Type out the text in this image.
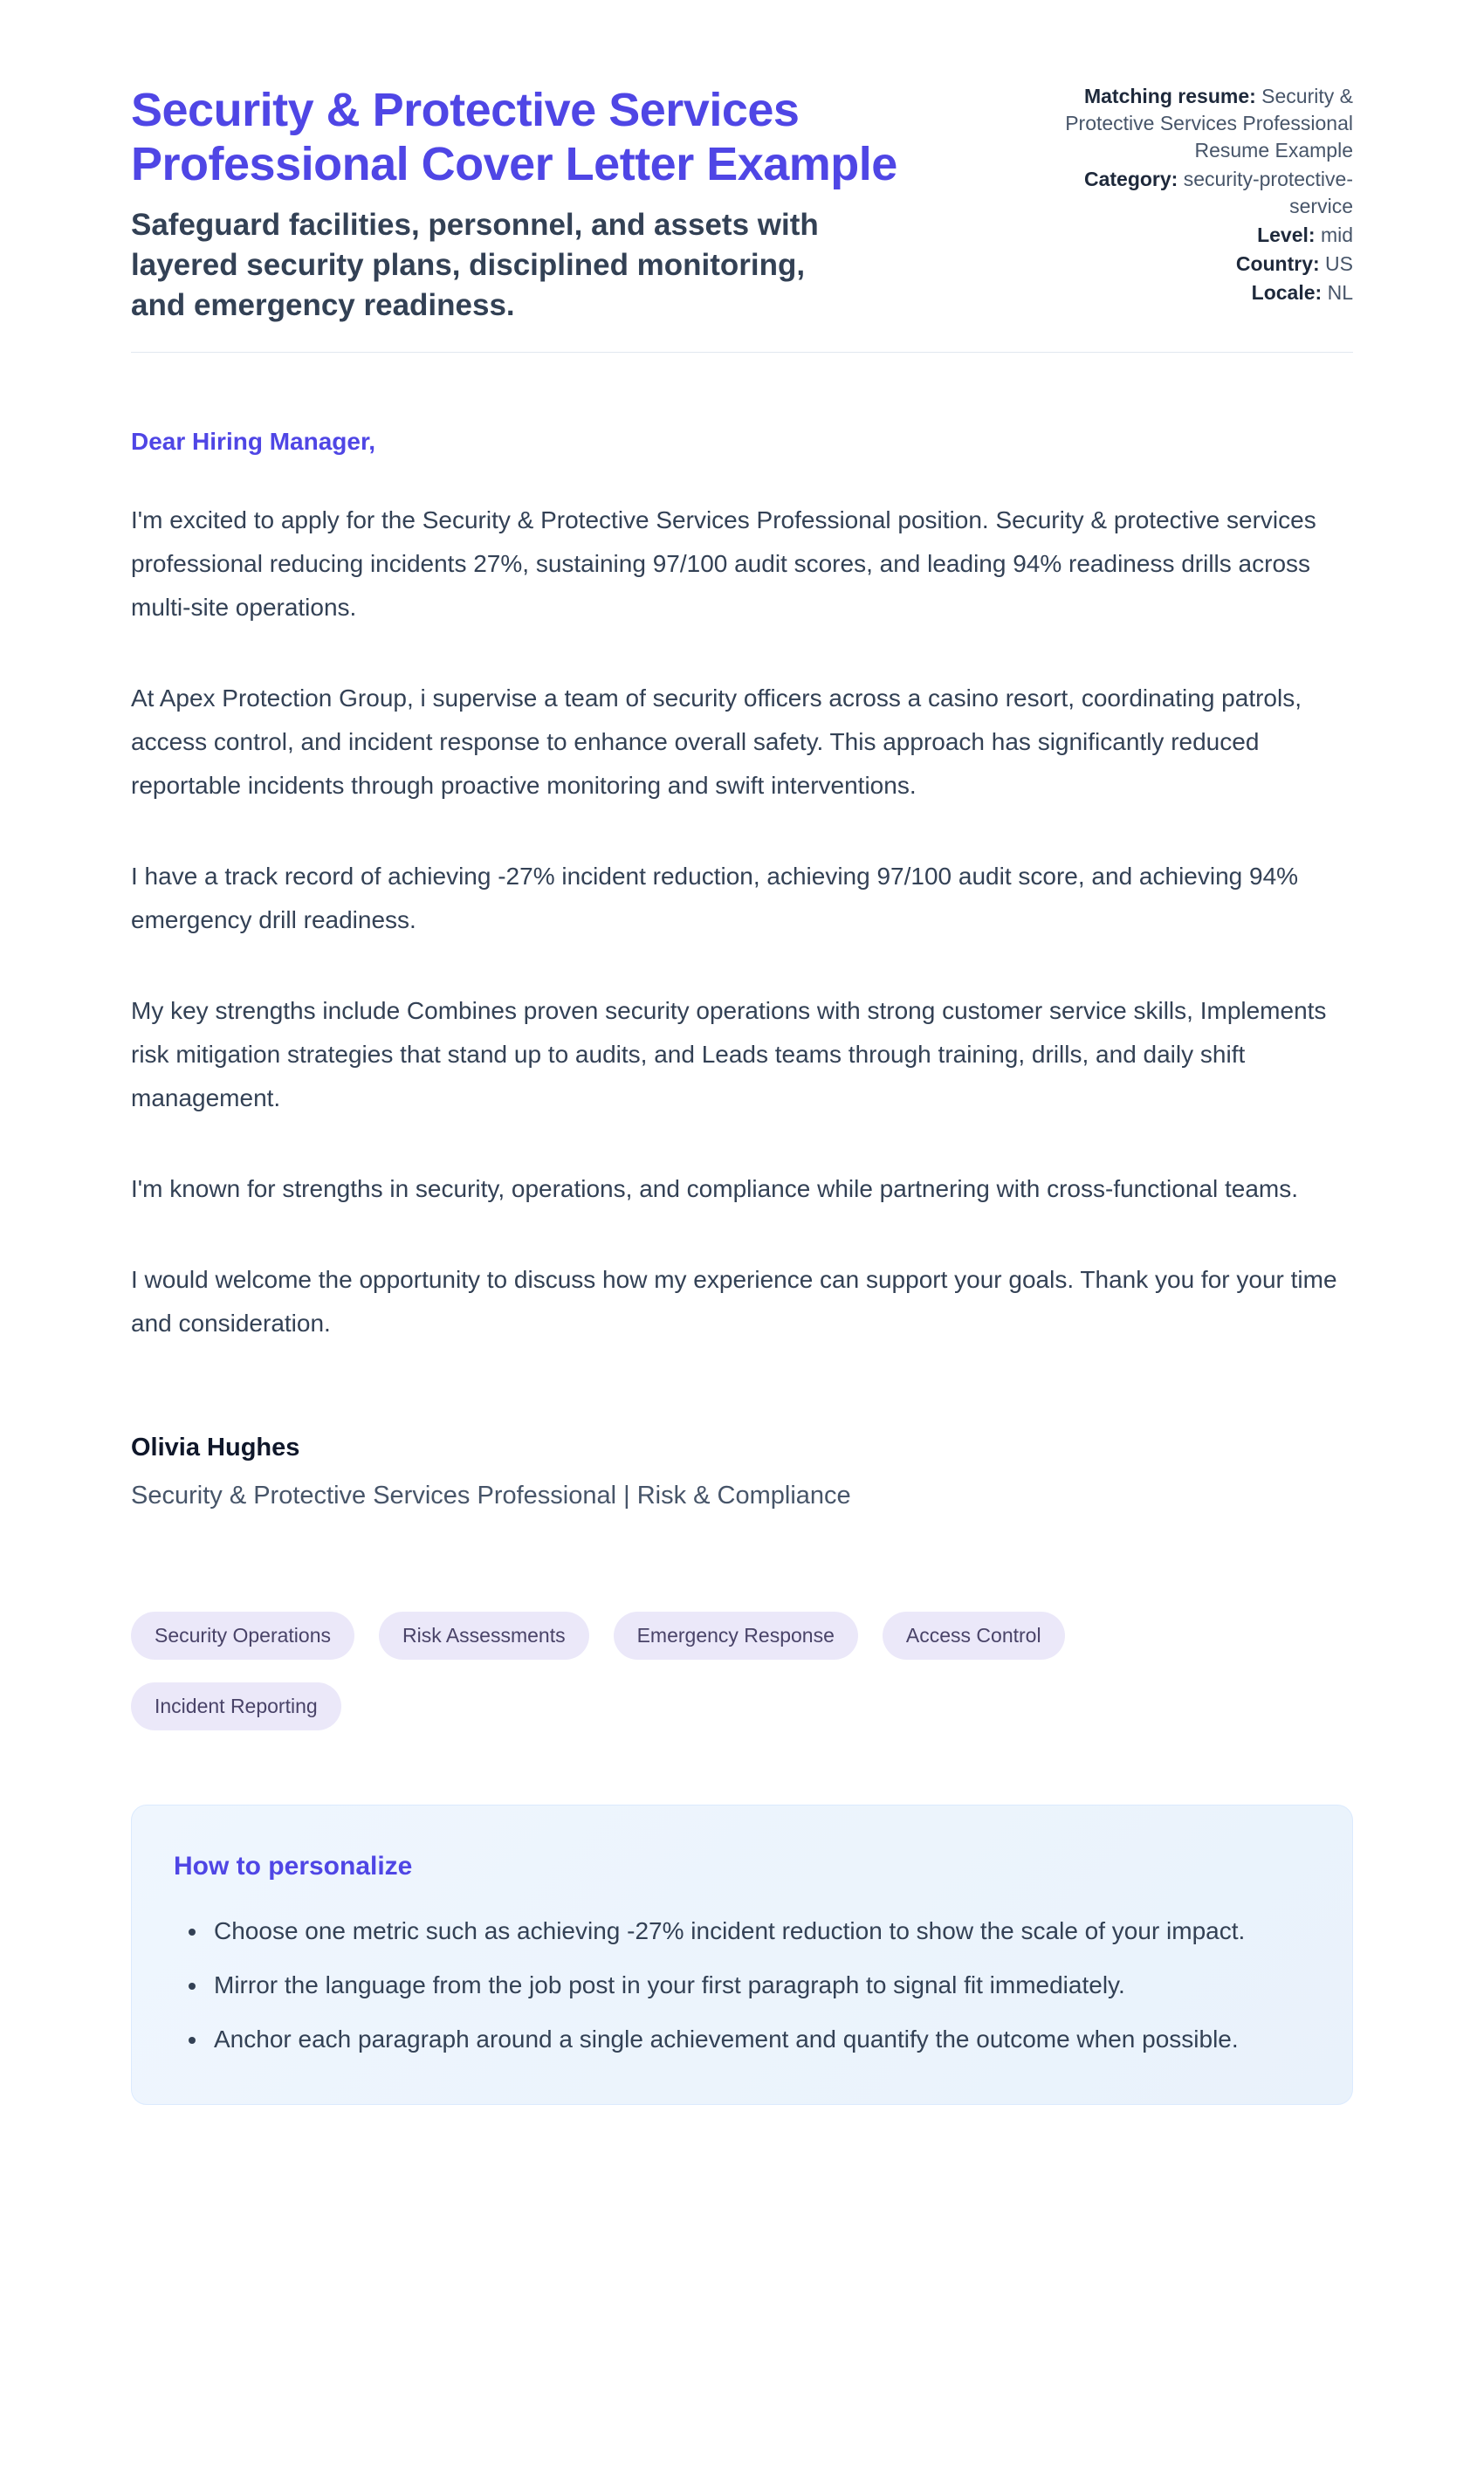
Security & Protective Services Professional Cover Letter Example
Safeguard facilities, personnel, and assets with layered security plans, disciplined monitoring, and emergency readiness.
Matching resume: Security & Protective Services Professional Resume Example
Category: security-protective-service
Level: mid
Country: US
Locale: NL
Dear Hiring Manager,

I'm excited to apply for the Security & Protective Services Professional position. Security & protective services professional reducing incidents 27%, sustaining 97/100 audit scores, and leading 94% readiness drills across multi-site operations.

At Apex Protection Group, i supervise a team of security officers across a casino resort, coordinating patrols, access control, and incident response to enhance overall safety. This approach has significantly reduced reportable incidents through proactive monitoring and swift interventions.

I have a track record of achieving -27% incident reduction, achieving 97/100 audit score, and achieving 94% emergency drill readiness.

My key strengths include Combines proven security operations with strong customer service skills, Implements risk mitigation strategies that stand up to audits, and Leads teams through training, drills, and daily shift management.

I'm known for strengths in security, operations, and compliance while partnering with cross-functional teams.

I would welcome the opportunity to discuss how my experience can support your goals. Thank you for your time and consideration.

Olivia Hughes
Security & Protective Services Professional | Risk & Compliance
Security Operations	Risk Assessments	Emergency Response	Access Control
Incident Reporting
How to personalize
• Choose one metric such as achieving -27% incident reduction to show the scale of your impact.
• Mirror the language from the job post in your first paragraph to signal fit immediately.
• Anchor each paragraph around a single achievement and quantify the outcome when possible.
